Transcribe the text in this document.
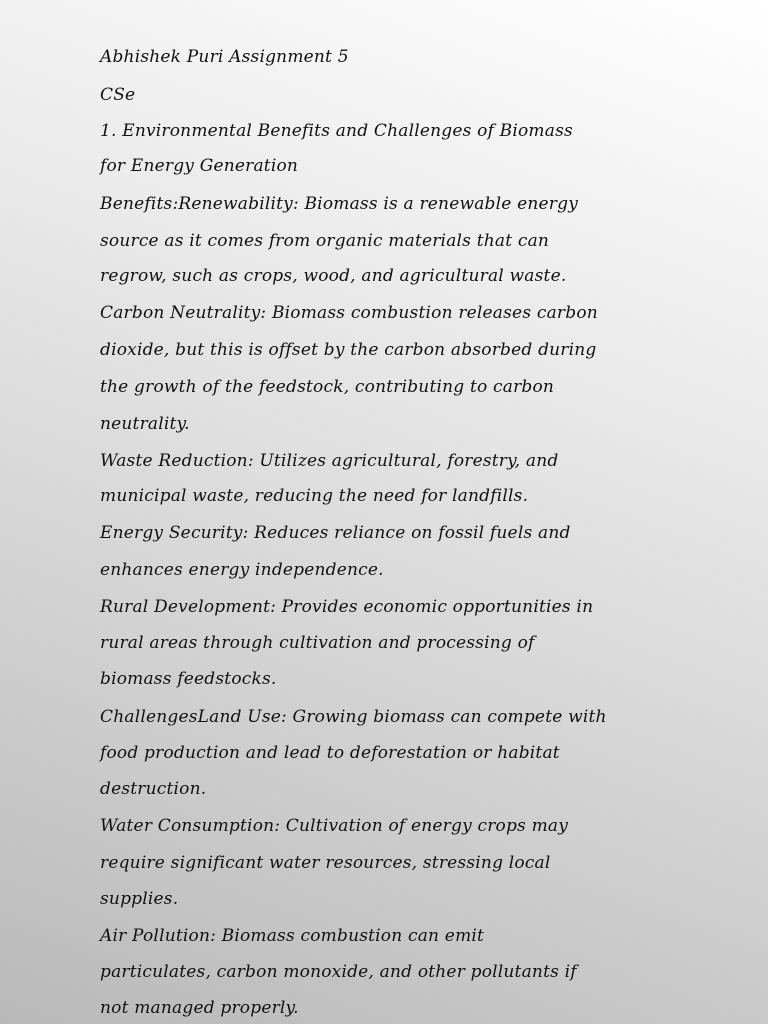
Abhishek Puri Assignment 5
CSe
1. Environmental Benefits and Challenges of Biomass
for Energy Generation
Benefits:Renewability: Biomass is a renewable energy
source as it comes from organic materials that can
regrow, such as crops, wood, and agricultural waste.
Carbon Neutrality: Biomass combustion releases carbon
dioxide, but this is offset by the carbon absorbed during
the growth of the feedstock, contributing to carbon
neutrality.
Waste Reduction: Utilizes agricultural, forestry, and
municipal waste, reducing the need for landfills.
Energy Security: Reduces reliance on fossil fuels and
enhances energy independence.
Rural Development: Provides economic opportunities in
rural areas through cultivation and processing of
biomass feedstocks.
ChallengesLand Use: Growing biomass can compete with
food production and lead to deforestation or habitat
destruction.
Water Consumption: Cultivation of energy crops may
require significant water resources, stressing local
supplies.
Air Pollution: Biomass combustion can emit
particulates, carbon monoxide, and other pollutants if
not managed properly.
